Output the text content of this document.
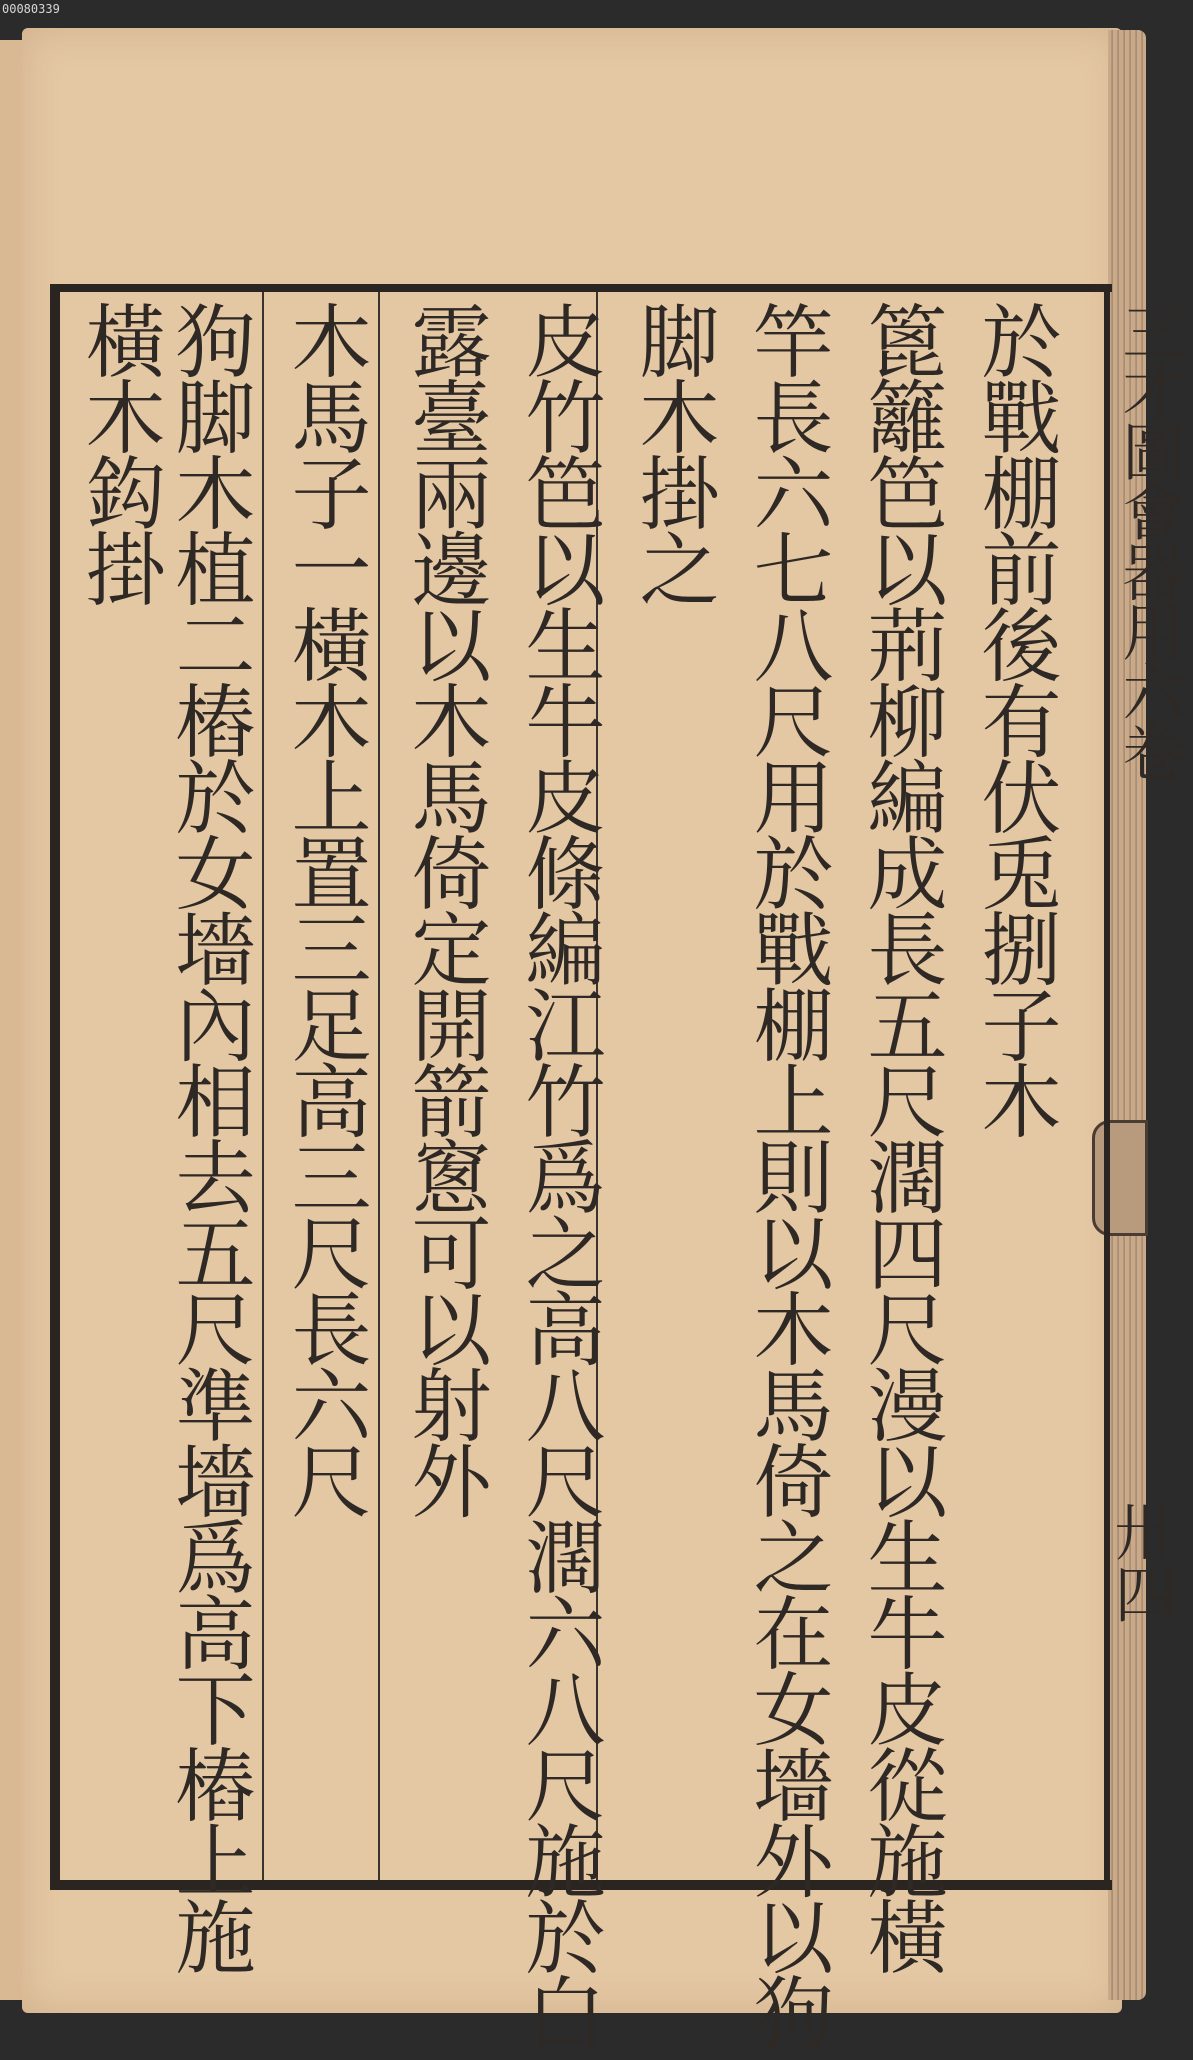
00080339
三才圖會器用六卷
卅四
於戰棚前後有伏兎捌子木
篦籬笆以荊柳編成長五尺濶四尺漫以生牛皮從施橫
竿長六七八尺用於戰棚上則以木馬倚之在女墻外以狗
脚木掛之
皮竹笆以生牛皮條編江竹爲之高八尺濶六八尺施於白
露臺兩邊以木馬倚定開箭窻可以射外
木馬子一橫木上置三足高三尺長六尺
狗脚木植二樁於女墻內相去五尺準墻爲高下樁上施
橫木鈎掛
